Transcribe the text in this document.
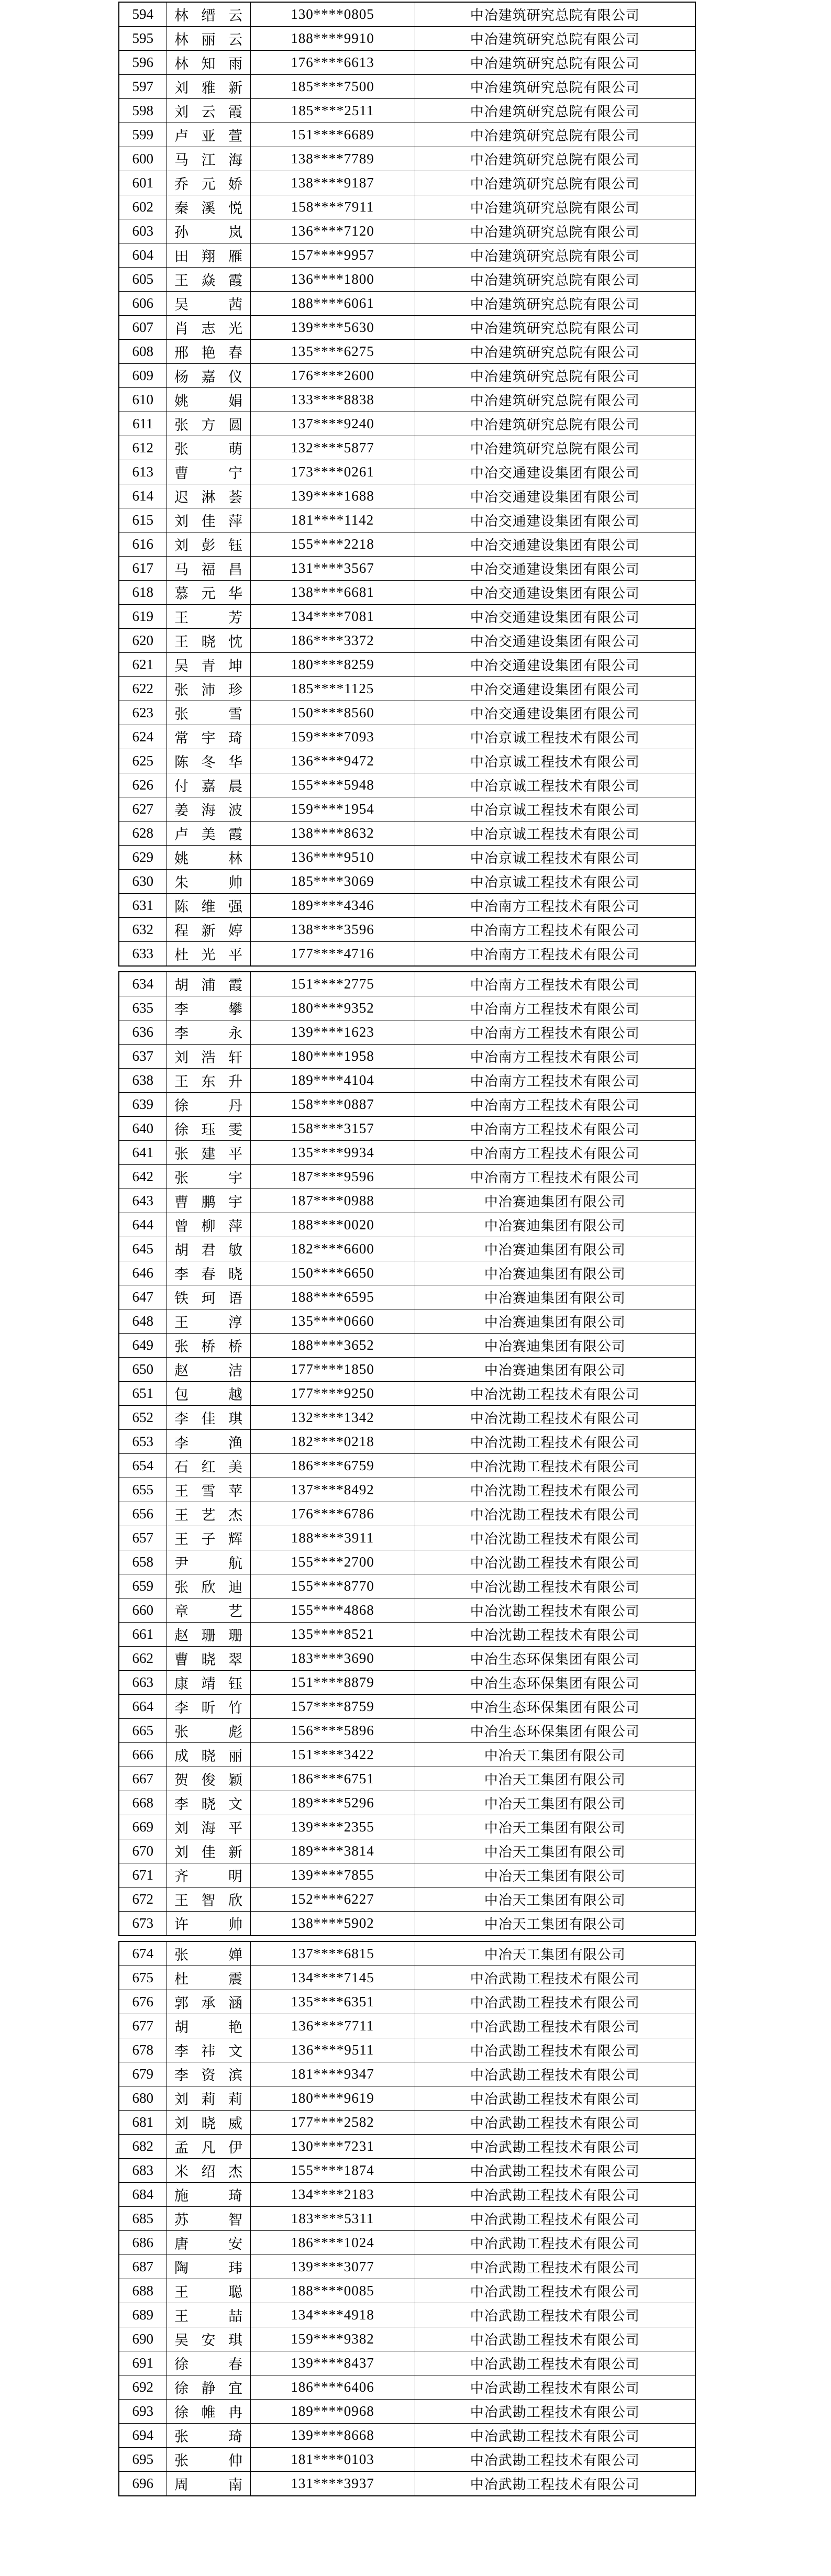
594	林 缙 云	130****0805	中冶建筑研究总院有限公司
595	林 丽 云	188****9910	中冶建筑研究总院有限公司
596	林 知 雨	176****6613	中冶建筑研究总院有限公司
597	刘 雅 新	185****7500	中冶建筑研究总院有限公司
598	刘 云 霞	185****2511	中冶建筑研究总院有限公司
599	卢 亚 萱	151****6689	中冶建筑研究总院有限公司
600	马 江 海	138****7789	中冶建筑研究总院有限公司
601	乔 元 娇	138****9187	中冶建筑研究总院有限公司
602	秦 溪 悦	158****7911	中冶建筑研究总院有限公司
603	孙 岚	136****7120	中冶建筑研究总院有限公司
604	田 翔 雁	157****9957	中冶建筑研究总院有限公司
605	王 焱 霞	136****1800	中冶建筑研究总院有限公司
606	吴 茜	188****6061	中冶建筑研究总院有限公司
607	肖 志 光	139****5630	中冶建筑研究总院有限公司
608	邢 艳 春	135****6275	中冶建筑研究总院有限公司
609	杨 嘉 仪	176****2600	中冶建筑研究总院有限公司
610	姚 娟	133****8838	中冶建筑研究总院有限公司
611	张 方 圆	137****9240	中冶建筑研究总院有限公司
612	张 萌	132****5877	中冶建筑研究总院有限公司
613	曹 宁	173****0261	中冶交通建设集团有限公司
614	迟 淋 荟	139****1688	中冶交通建设集团有限公司
615	刘 佳 萍	181****1142	中冶交通建设集团有限公司
616	刘 彭 钰	155****2218	中冶交通建设集团有限公司
617	马 福 昌	131****3567	中冶交通建设集团有限公司
618	慕 元 华	138****6681	中冶交通建设集团有限公司
619	王 芳	134****7081	中冶交通建设集团有限公司
620	王 晓 忱	186****3372	中冶交通建设集团有限公司
621	吴 青 坤	180****8259	中冶交通建设集团有限公司
622	张 沛 珍	185****1125	中冶交通建设集团有限公司
623	张 雪	150****8560	中冶交通建设集团有限公司
624	常 宇 琦	159****7093	中冶京诚工程技术有限公司
625	陈 冬 华	136****9472	中冶京诚工程技术有限公司
626	付 嘉 晨	155****5948	中冶京诚工程技术有限公司
627	姜 海 波	159****1954	中冶京诚工程技术有限公司
628	卢 美 霞	138****8632	中冶京诚工程技术有限公司
629	姚 林	136****9510	中冶京诚工程技术有限公司
630	朱 帅	185****3069	中冶京诚工程技术有限公司
631	陈 维 强	189****4346	中冶南方工程技术有限公司
632	程 新 婷	138****3596	中冶南方工程技术有限公司
633	杜 光 平	177****4716	中冶南方工程技术有限公司
634	胡 浦 霞	151****2775	中冶南方工程技术有限公司
635	李 攀	180****9352	中冶南方工程技术有限公司
636	李 永	139****1623	中冶南方工程技术有限公司
637	刘 浩 轩	180****1958	中冶南方工程技术有限公司
638	王 东 升	189****4104	中冶南方工程技术有限公司
639	徐 丹	158****0887	中冶南方工程技术有限公司
640	徐 珏 雯	158****3157	中冶南方工程技术有限公司
641	张 建 平	135****9934	中冶南方工程技术有限公司
642	张 宇	187****9596	中冶南方工程技术有限公司
643	曹 鹏 宇	187****0988	中冶赛迪集团有限公司
644	曾 柳 萍	188****0020	中冶赛迪集团有限公司
645	胡 君 敏	182****6600	中冶赛迪集团有限公司
646	李 春 晓	150****6650	中冶赛迪集团有限公司
647	铁 珂 语	188****6595	中冶赛迪集团有限公司
648	王 淳	135****0660	中冶赛迪集团有限公司
649	张 桥 桥	188****3652	中冶赛迪集团有限公司
650	赵 洁	177****1850	中冶赛迪集团有限公司
651	包 越	177****9250	中冶沈勘工程技术有限公司
652	李 佳 琪	132****1342	中冶沈勘工程技术有限公司
653	李 渔	182****0218	中冶沈勘工程技术有限公司
654	石 红 美	186****6759	中冶沈勘工程技术有限公司
655	王 雪 苹	137****8492	中冶沈勘工程技术有限公司
656	王 艺 杰	176****6786	中冶沈勘工程技术有限公司
657	王 子 辉	188****3911	中冶沈勘工程技术有限公司
658	尹 航	155****2700	中冶沈勘工程技术有限公司
659	张 欣 迪	155****8770	中冶沈勘工程技术有限公司
660	章 艺	155****4868	中冶沈勘工程技术有限公司
661	赵 珊 珊	135****8521	中冶沈勘工程技术有限公司
662	曹 晓 翠	183****3690	中冶生态环保集团有限公司
663	康 靖 钰	151****8879	中冶生态环保集团有限公司
664	李 昕 竹	157****8759	中冶生态环保集团有限公司
665	张 彪	156****5896	中冶生态环保集团有限公司
666	成 晓 丽	151****3422	中冶天工集团有限公司
667	贺 俊 颖	186****6751	中冶天工集团有限公司
668	李 晓 文	189****5296	中冶天工集团有限公司
669	刘 海 平	139****2355	中冶天工集团有限公司
670	刘 佳 新	189****3814	中冶天工集团有限公司
671	齐 明	139****7855	中冶天工集团有限公司
672	王 智 欣	152****6227	中冶天工集团有限公司
673	许 帅	138****5902	中冶天工集团有限公司
674	张 婵	137****6815	中冶天工集团有限公司
675	杜 震	134****7145	中冶武勘工程技术有限公司
676	郭 承 涵	135****6351	中冶武勘工程技术有限公司
677	胡 艳	136****7711	中冶武勘工程技术有限公司
678	李 祎 文	136****9511	中冶武勘工程技术有限公司
679	李 资 滨	181****9347	中冶武勘工程技术有限公司
680	刘 莉 莉	180****9619	中冶武勘工程技术有限公司
681	刘 晓 威	177****2582	中冶武勘工程技术有限公司
682	孟 凡 伊	130****7231	中冶武勘工程技术有限公司
683	米 绍 杰	155****1874	中冶武勘工程技术有限公司
684	施 琦	134****2183	中冶武勘工程技术有限公司
685	苏 智	183****5311	中冶武勘工程技术有限公司
686	唐 安	186****1024	中冶武勘工程技术有限公司
687	陶 玮	139****3077	中冶武勘工程技术有限公司
688	王 聪	188****0085	中冶武勘工程技术有限公司
689	王 喆	134****4918	中冶武勘工程技术有限公司
690	吴 安 琪	159****9382	中冶武勘工程技术有限公司
691	徐 春	139****8437	中冶武勘工程技术有限公司
692	徐 静 宜	186****6406	中冶武勘工程技术有限公司
693	徐 帷 冉	189****0968	中冶武勘工程技术有限公司
694	张 琦	139****8668	中冶武勘工程技术有限公司
695	张 伸	181****0103	中冶武勘工程技术有限公司
696	周 南	131****3937	中冶武勘工程技术有限公司
